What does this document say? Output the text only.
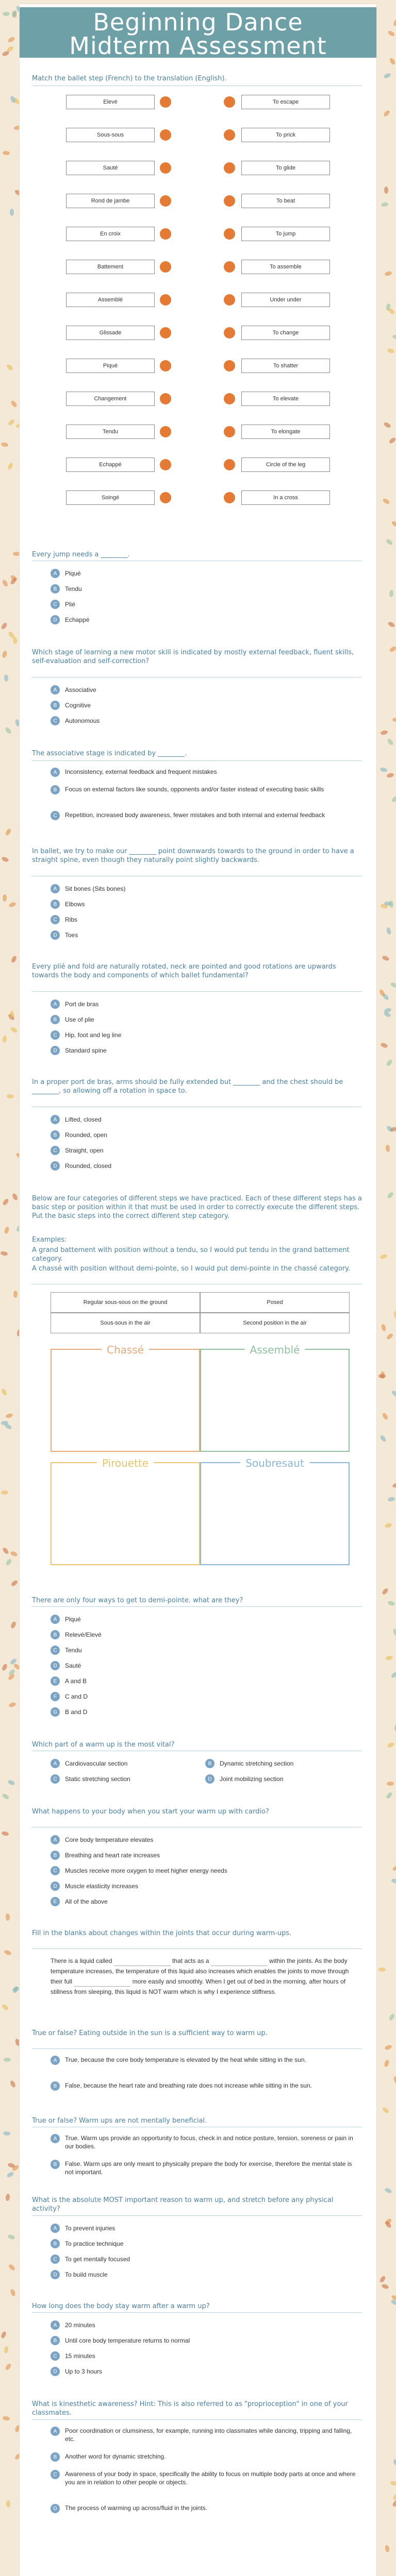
Beginning Dance
Midterm Assessment
Match the ballet step (French) to the translation (English).
Elevé	To escape
Sous-sous	To prick
Sauté	To glide
Rond de jambe	To beat
En croix	To jump
Battement	To assemble
Assemblé	Under under
Glissade	To change
Piqué	To shatter
Changement	To elevate
Tendu	To elongate
Echappé	Circle of the leg
Soingé	In a cross
Every jump needs a ________.
A	Plqué
B	Tendu
C	Plié
D	Echappé
Which stage of learning a new motor skill is indicated by mostly external feedback, fluent skills, self-evaluation and self-correction?
A	Associative
B	Cognitive
C	Autonomous
The associative stage is indicated by ________.
A	Inconsistency, external feedback and frequent mistakes
B	Focus on external factors like sounds, opponents and/or faster instead of executing basic skills
C	Repetition, increased body awareness, fewer mistakes and both internal and external feedback
In ballet, we try to make our ________ point downwards towards to the ground in order to have a straight spine, even though they naturally point slightly backwards.
A	Sit bones (Sits bones)
B	Elbows
C	Ribs
D	Toes
Every plié and fold are naturally rotated, neck are pointed and good rotations are upwards towards the body and components of which ballet fundamental?
A	Port de bras
B	Use of plie
C	Hip, foot and leg line
D	Standard spine
In a proper port de bras, arms should be fully extended but ________ and the chest should be ________, so allowing off a rotation in space to.
A	Lifted, closed
B	Rounded, open
C	Straight, open
D	Rounded, closed
Below are four categories of different steps we have practiced. Each of these different steps has a basic step or position within it that must be used in order to correctly execute the different steps. Put the basic steps into the correct different step category.
Examples:
A grand battement with position without a tendu, so I would put tendu in the grand battement category.
A chassé with position without demi-pointe, so I would put demi-pointe in the chassé category.
Regular sous-sous on the ground	Posed
Sous-sous in the air	Second position in the air
Chassé	Assemblé
Pirouette	Soubresaut
There are only four ways to get to demi-pointe. what are they?
A	Plqué
B	Relevé/Elevé
C	Tendu
D	Sauté
E	A and B
F	C and D
G	B and D
Which part of a warm up is the most vital?
A	Cardiovascular section
C	Static stretching section
B	Dynamic stretching section
D	Joint mobilizing section
What happens to your body when you start your warm up with cardio?
A	Core body temperature elevates
B	Breathing and heart rate increases
C	Muscles receive more oxygen to meet higher energy needs
D	Muscle elasticity increases
E	All of the above
Fill in the blanks about changes within the joints that occur during warm-ups.
There is a liquid called	that acts as a	within the joints. As the body temperature increases, the temperature of this liquid also increases which enables the joints to move through their full	more easily and smoothly. When I get out of bed in the morning, after hours of stillness from sleeping, this liquid is NOT warm which is why I experience stiffness.
True or false? Eating outside in the sun is a sufficient way to warm up.
A	True, because the core body temperature is elevated by the heat while sitting in the sun.
B	False, because the heart rate and breathing rate does not increase while sitting in the sun.
True or false? Warm ups are not mentally beneficial.
A	True. Warm ups provide an opportunity to focus, check in and notice posture, tension, soreness or pain in our bodies.
B	False. Warm ups are only meant to physically prepare the body for exercise, therefore the mental state is not important.
What is the absolute MOST important reason to warm up, and stretch before any physical activity?
A	To prevent injuries
B	To practice technique
C	To get mentally focused
D	To build muscle
How long does the body stay warm after a warm up?
A	20 minutes
B	Until core body temperature returns to normal
C	15 minutes
D	Up to 3 hours
What is kinesthetic awareness? Hint: This is also referred to as "proprioception" in one of your classmates.
A	Poor coordination or clumsiness, for example, running into classmates while dancing, tripping and falling, etc.
B	Another word for dynamic stretching.
C	Awareness of your body in space, specifically the ability to focus on multiple body parts at once and where you are in relation to other people or objects.
D	The process of warming up across/fluid in the joints.
